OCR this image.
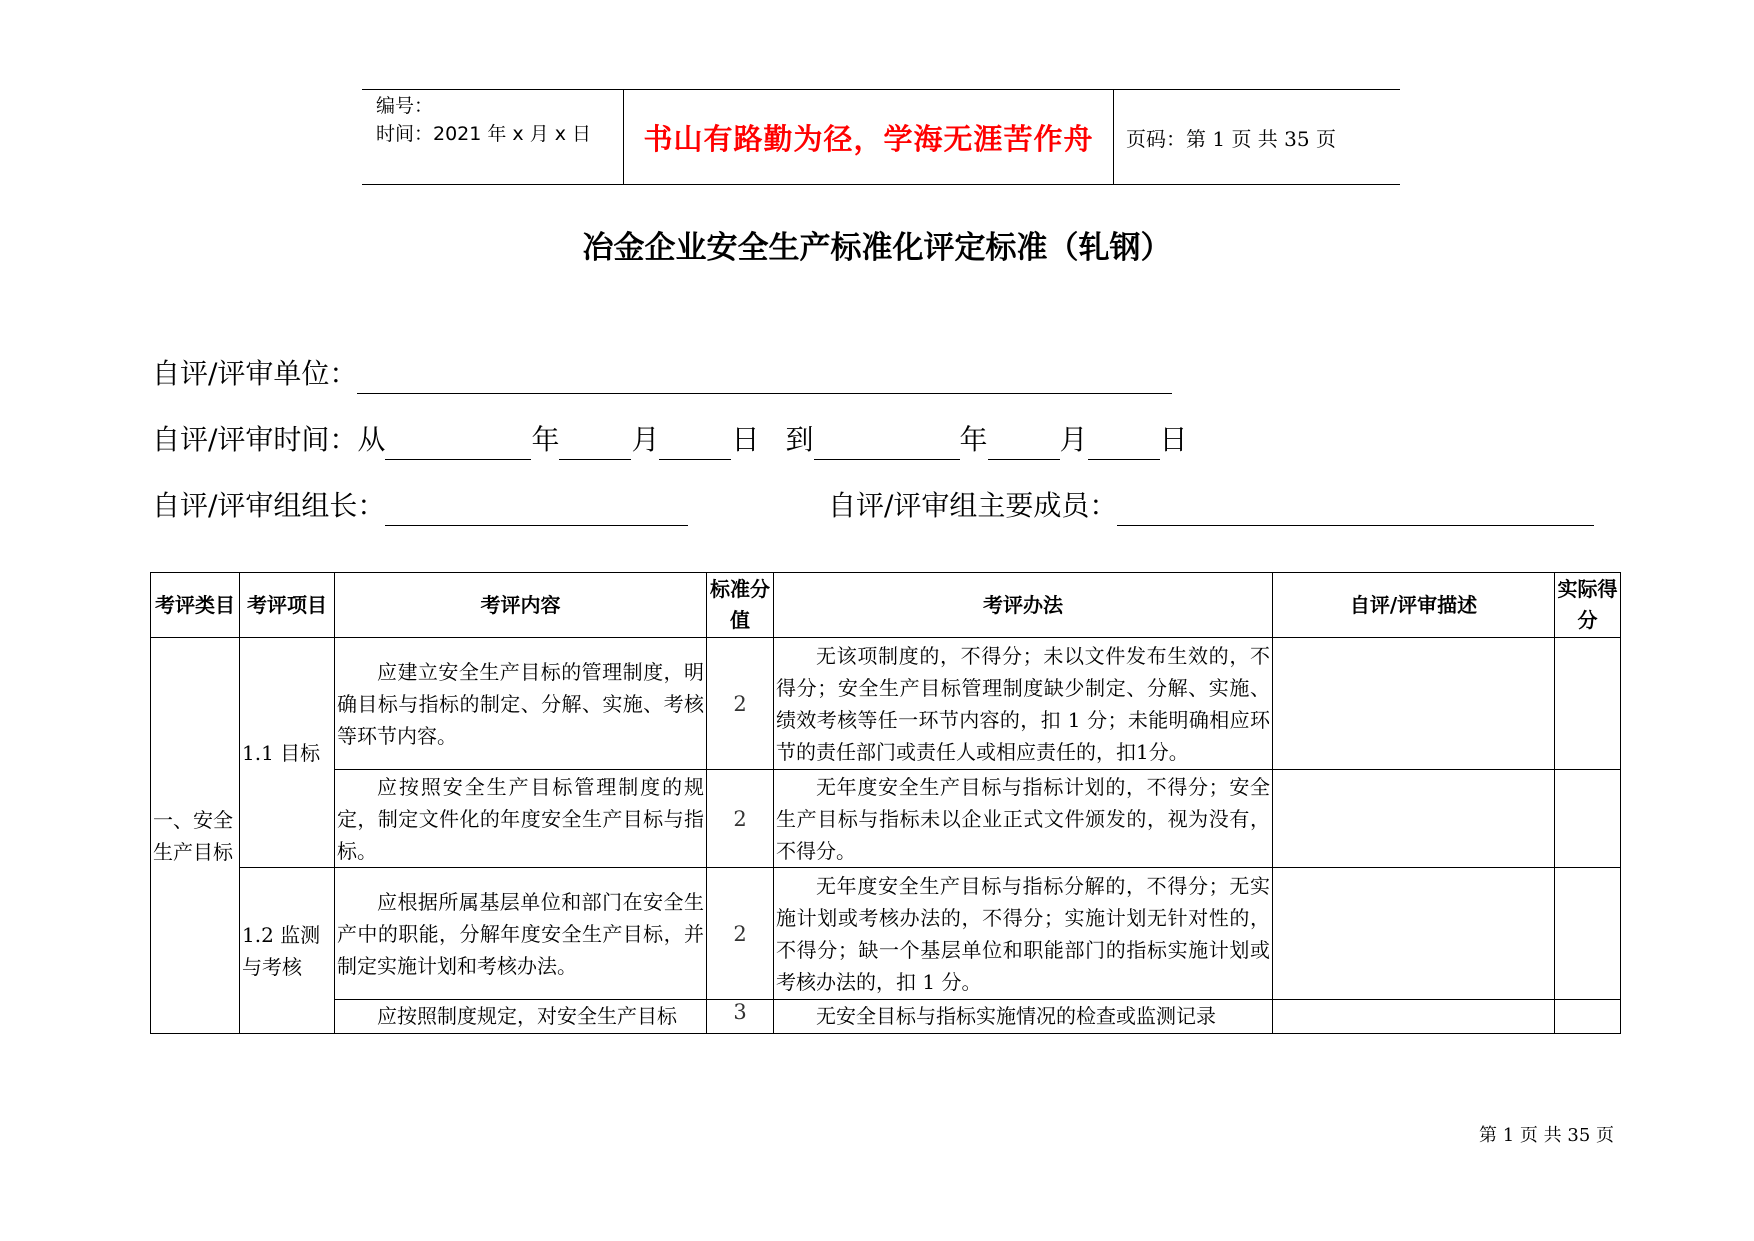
编号：
时间：2021 年 x 月 x 日	书山有路勤为径，学海无涯苦作舟	页码：第 1 页 共 35 页
冶金企业安全生产标准化评定标准（轧钢）
自评/评审单位：
自评/评审时间：从	年	月	日 到	年	月	日
自评/评审组组长：	自评/评审组主要成员：
考评类目	考评项目	考评内容	标准分值	考评办法	自评/评审描述	实际得分
一、安全生产目标	1.1 目标	应建立安全生产目标的管理制度，明确目标与指标的制定、分解、实施、考核等环节内容。	2	无该项制度的，不得分；未以文件发布生效的，不得分；安全生产目标管理制度缺少制定、分解、实施、绩效考核等任一环节内容的，扣 1 分；未能明确相应环节的责任部门或责任人或相应责任的，扣1分。		
		应按照安全生产目标管理制度的规定，制定文件化的年度安全生产目标与指标。	2	无年度安全生产目标与指标计划的，不得分；安全生产目标与指标未以企业正式文件颁发的，视为没有，不得分。		
	1.2 监测与考核	应根据所属基层单位和部门在安全生产中的职能，分解年度安全生产目标，并制定实施计划和考核办法。	2	无年度安全生产目标与指标分解的，不得分；无实施计划或考核办法的，不得分；实施计划无针对性的，不得分；缺一个基层单位和职能部门的指标实施计划或考核办法的，扣 1 分。		
		应按照制度规定，对安全生产目标	3	无安全目标与指标实施情况的检查或监测记录		
第 1 页 共 35 页
